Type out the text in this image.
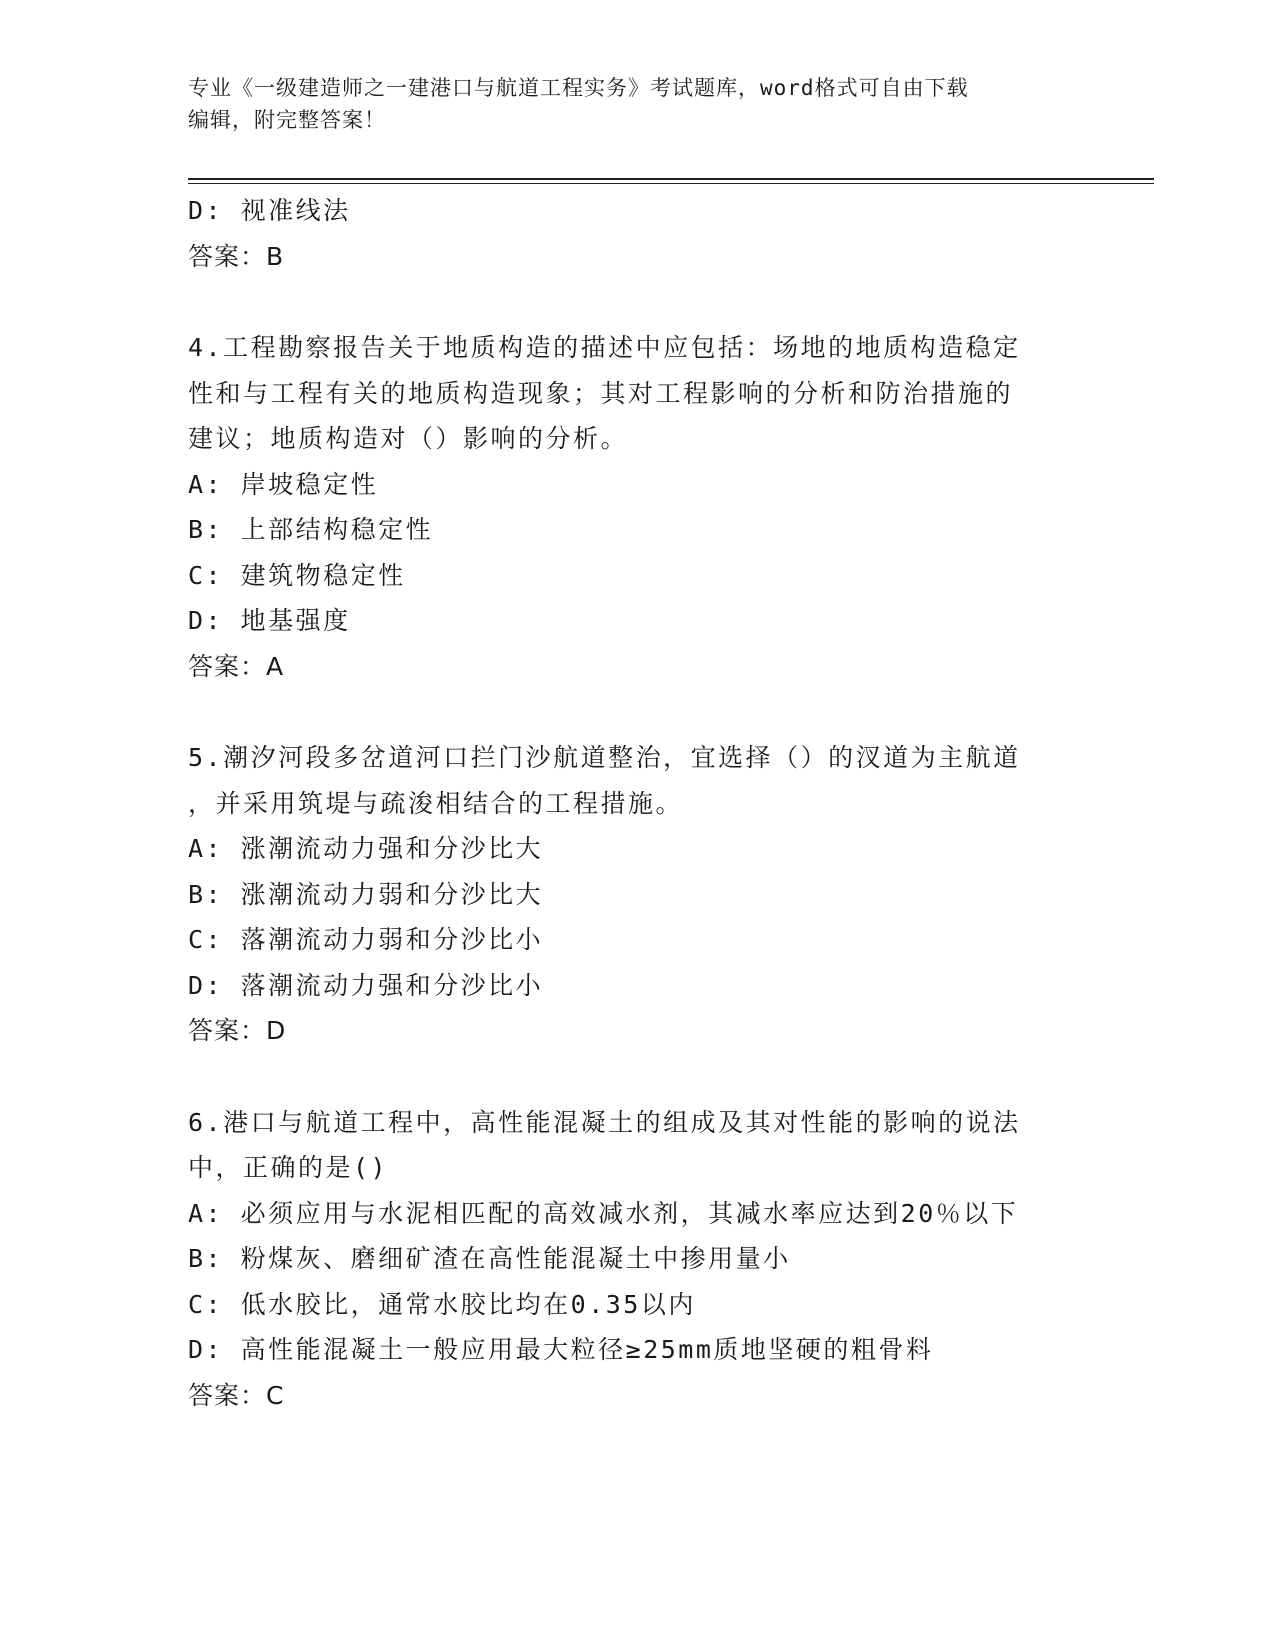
专业《一级建造师之一建港口与航道工程实务》考试题库，word格式可自由下载

编辑，附完整答案！

D: 视准线法

答案：B

4.工程勘察报告关于地质构造的描述中应包括：场地的地质构造稳定

性和与工程有关的地质构造现象；其对工程影响的分析和防治措施的

建议；地质构造对（）影响的分析。

A: 岸坡稳定性

B: 上部结构稳定性

C: 建筑物稳定性

D: 地基强度

答案：A

5.潮汐河段多岔道河口拦门沙航道整治，宜选择（）的汊道为主航道

，并采用筑堤与疏浚相结合的工程措施。

A: 涨潮流动力强和分沙比大

B: 涨潮流动力弱和分沙比大

C: 落潮流动力弱和分沙比小

D: 落潮流动力强和分沙比小

答案：D

6.港口与航道工程中，高性能混凝土的组成及其对性能的影响的说法

中，正确的是()

A: 必须应用与水泥相匹配的高效减水剂，其减水率应达到20％以下

B: 粉煤灰、磨细矿渣在高性能混凝土中掺用量小

C: 低水胶比，通常水胶比均在0.35以内

D: 高性能混凝土一般应用最大粒径≥25mm质地坚硬的粗骨料

答案：C
